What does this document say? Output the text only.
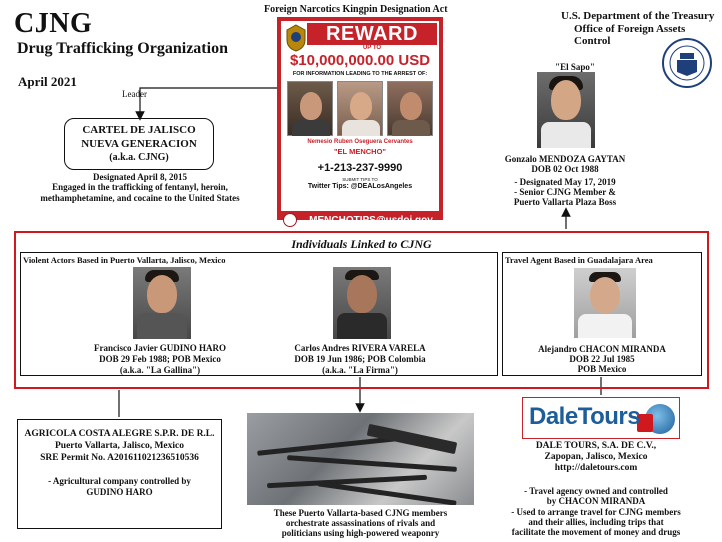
CJNG
Drug Trafficking Organization
April 2021
Leader
U.S. Department of the Treasury
Office of Foreign Assets Control
Foreign Narcotics Kingpin Designation Act
REWARD
UP TO
$10,000,000.00 USD
FOR INFORMATION LEADING TO THE ARREST OF:
Nemesio Ruben Oseguera Cervantes
"EL MENCHO"
+1-213-237-9990
SUBMIT TIPS TO
Twitter Tips: @DEALosAngeles
MENCHOTIPS@usdoj.gov
CARTEL DE JALISCO
NUEVA GENERACION
(a.k.a. CJNG)
Designated April 8, 2015
Engaged in the trafficking of fentanyl, heroin, methamphetamine, and cocaine to the United States
"El Sapo"
Gonzalo MENDOZA GAYTAN
DOB 02 Oct 1988
- Designated May 17, 2019
- Senior CJNG Member &
Puerto Vallarta Plaza Boss
Individuals Linked to CJNG
Violent Actors Based in Puerto Vallarta, Jalisco, Mexico	Travel Agent Based in Guadalajara Area
Francisco Javier GUDINO HARO
DOB 29 Feb 1988; POB Mexico
(a.k.a. "La Gallina")
Carlos Andres RIVERA VARELA
DOB 19 Jun 1986; POB Colombia
(a.k.a. "La Firma")
Alejandro CHACON MIRANDA
DOB 22 Jul 1985
POB Mexico
AGRICOLA COSTA ALEGRE S.P.R. DE R.L.
Puerto Vallarta, Jalisco, Mexico
SRE Permit No. A201611021236510536
- Agricultural company controlled by
GUDINO HARO
These Puerto Vallarta-based CJNG members
orchestrate assassinations of rivals and
politicians using high-powered weaponry
DaleTours
DALE TOURS, S.A. DE C.V.,
Zapopan, Jalisco, Mexico
http://daletours.com
- Travel agency owned and controlled
by CHACON MIRANDA
- Used to arrange travel for CJNG members
and their allies, including trips that
facilitate the movement of money and drugs
